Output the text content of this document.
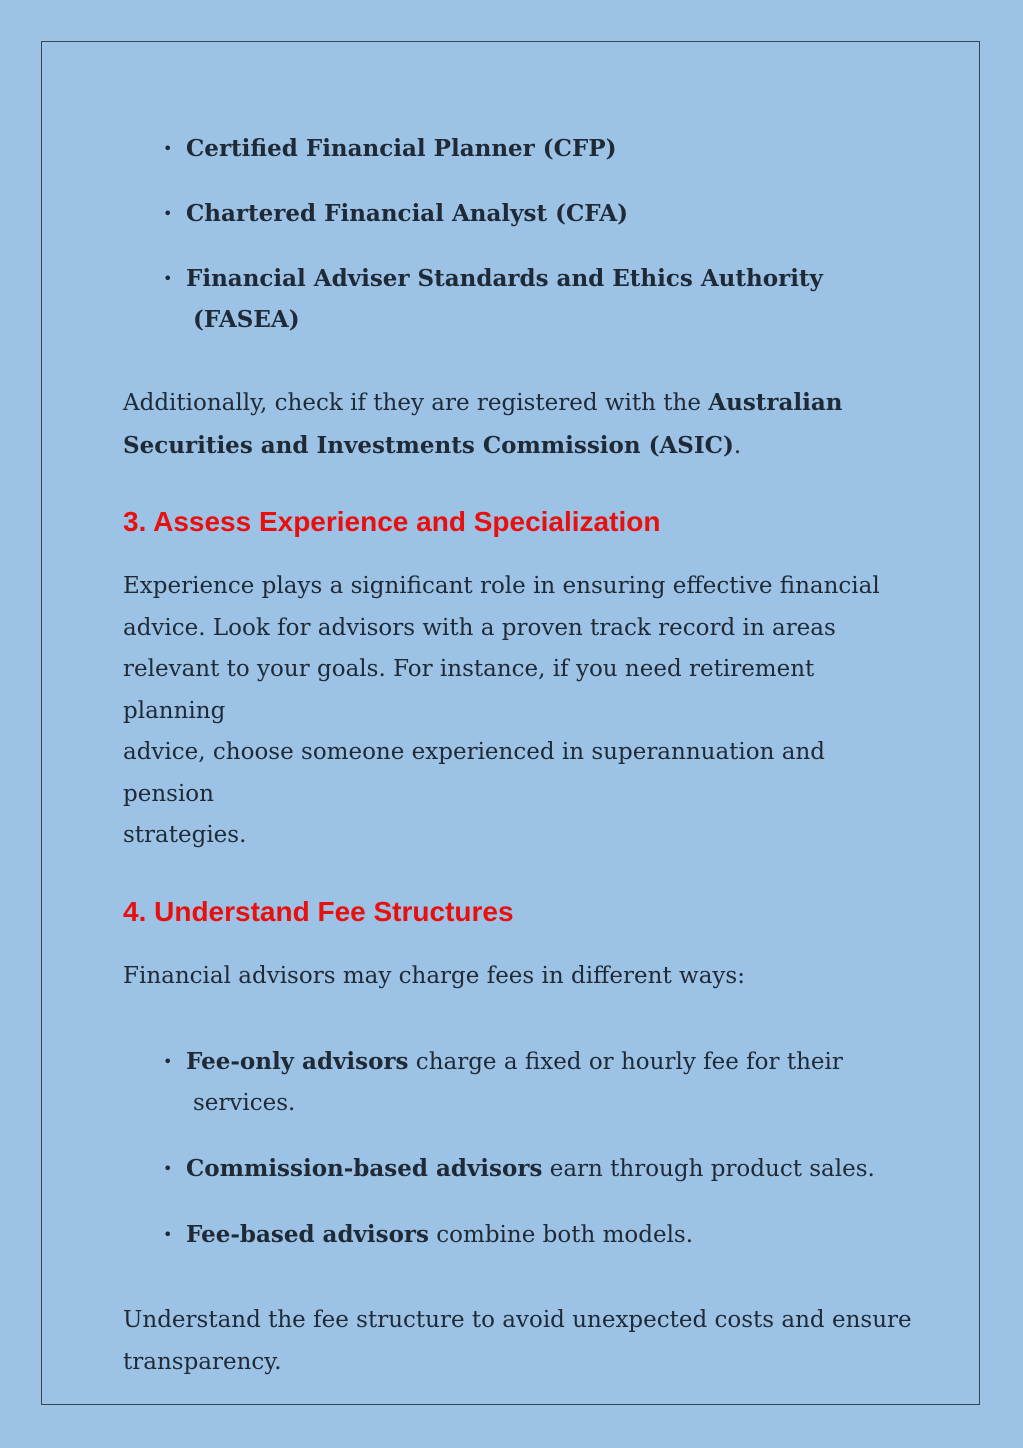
• Certified Financial Planner (CFP)
• Chartered Financial Analyst (CFA)
• Financial Adviser Standards and Ethics Authority
(FASEA)

Additionally, check if they are registered with the Australian
Securities and Investments Commission (ASIC).

3. Assess Experience and Specialization

Experience plays a significant role in ensuring effective financial
advice. Look for advisors with a proven track record in areas
relevant to your goals. For instance, if you need retirement planning
advice, choose someone experienced in superannuation and pension
strategies.

4. Understand Fee Structures

Financial advisors may charge fees in different ways:

• Fee-only advisors charge a fixed or hourly fee for their
services.
• Commission-based advisors earn through product sales.
• Fee-based advisors combine both models.

Understand the fee structure to avoid unexpected costs and ensure
transparency.
